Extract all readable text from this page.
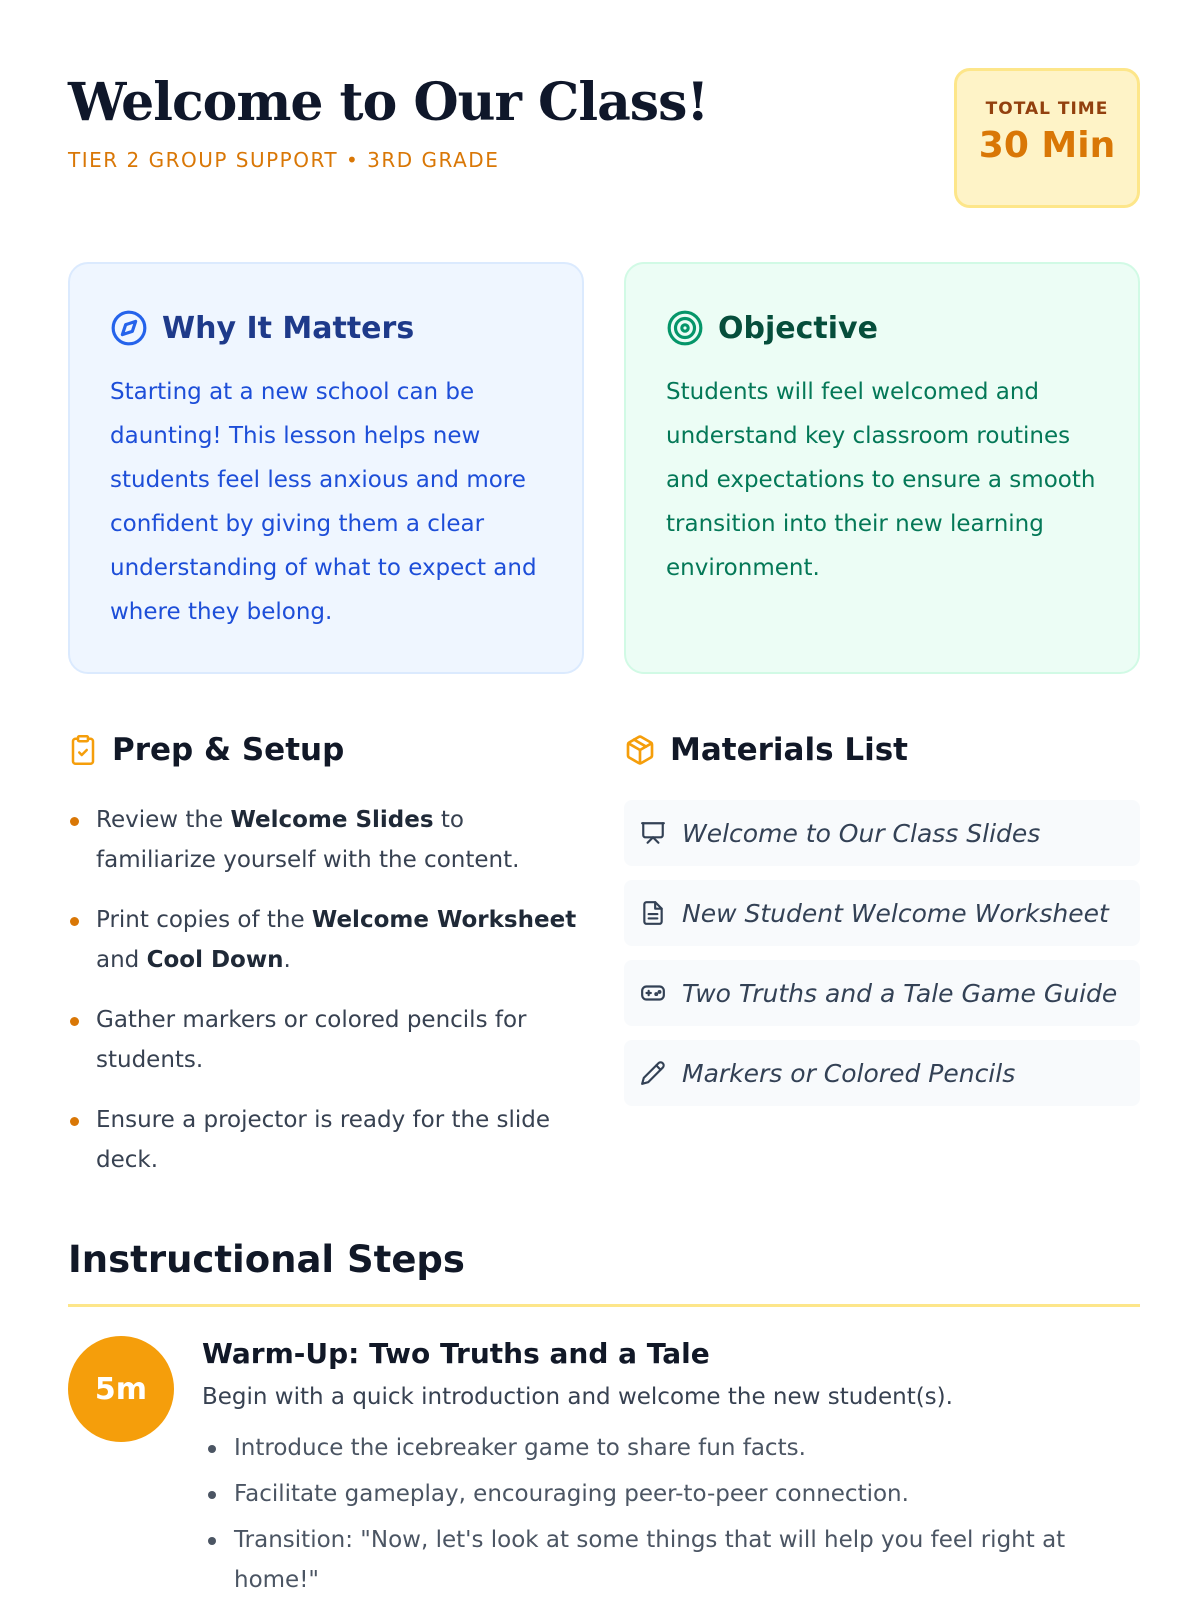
Welcome to Our Class!
TIER 2 GROUP SUPPORT • 3RD GRADE
TOTAL TIME
30 Min
Why It Matters

Starting at a new school can be daunting! This lesson helps new students feel less anxious and more confident by giving them a clear understanding of what to expect and where they belong.

Objective

Students will feel welcomed and understand key classroom routines and expectations to ensure a smooth transition into their new learning environment.

Prep & Setup
Review the Welcome Slides to familiarize yourself with the content.
Print copies of the Welcome Worksheet and Cool Down.
Gather markers or colored pencils for students.
Ensure a projector is ready for the slide deck.
Materials List
Welcome to Our Class Slides
New Student Welcome Worksheet
Two Truths and a Tale Game Guide
Markers or Colored Pencils
Instructional Steps
5m
Warm-Up: Two Truths and a Tale
Begin with a quick introduction and welcome the new student(s).
Introduce the icebreaker game to share fun facts.
Facilitate gameplay, encouraging peer-to-peer connection.
Transition: "Now, let's look at some things that will help you feel right at home!"
